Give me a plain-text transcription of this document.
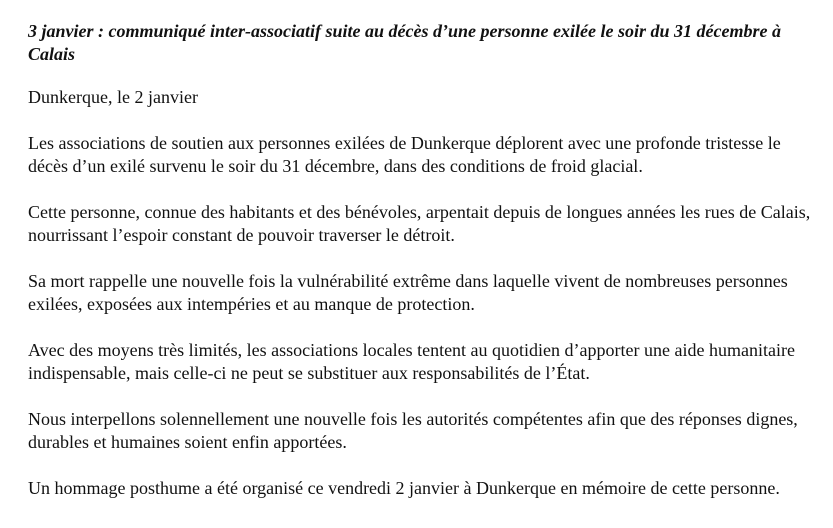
3 janvier : communiqué inter-associatif suite au décès d’une personne exilée le soir du 31 décembre à Calais

Dunkerque, le 2 janvier

Les associations de soutien aux personnes exilées de Dunkerque déplorent avec une profonde tristesse le décès d’un exilé survenu le soir du 31 décembre, dans des conditions de froid glacial.

Cette personne, connue des habitants et des bénévoles, arpentait depuis de longues années les rues de Calais, nourrissant l’espoir constant de pouvoir traverser le détroit.

Sa mort rappelle une nouvelle fois la vulnérabilité extrême dans laquelle vivent de nombreuses personnes exilées, exposées aux intempéries et au manque de protection.

Avec des moyens très limités, les associations locales tentent au quotidien d’apporter une aide humanitaire indispensable, mais celle-ci ne peut se substituer aux responsabilités de l’État.

Nous interpellons solennellement une nouvelle fois les autorités compétentes afin que des réponses dignes, durables et humaines soient enfin apportées.

Un hommage posthume a été organisé ce vendredi 2 janvier à Dunkerque en mémoire de cette personne.
